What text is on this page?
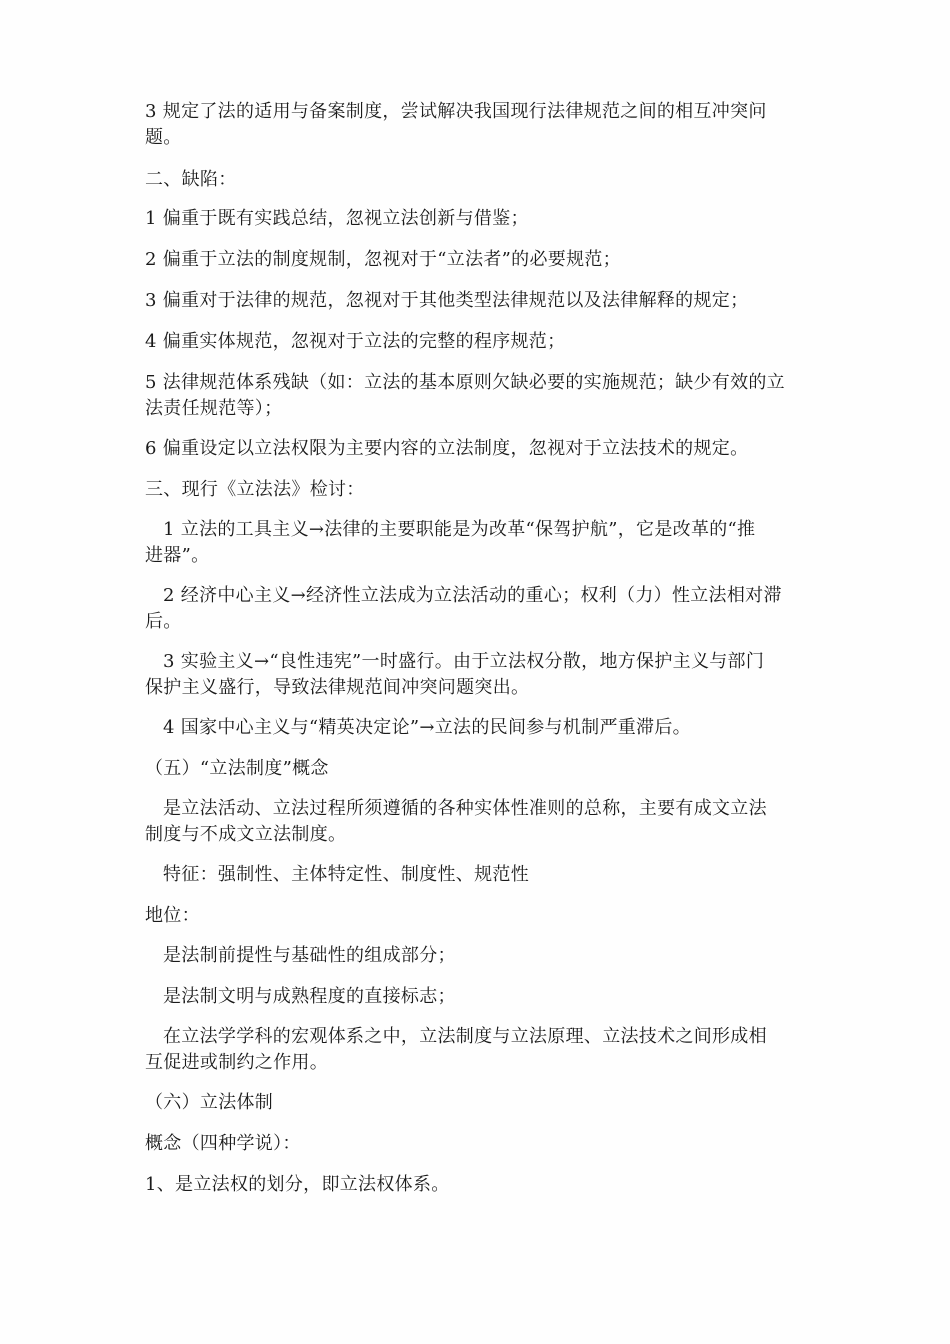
3 规定了法的适用与备案制度，尝试解决我国现行法律规范之间的相互冲突问
题。
二、缺陷：
1 偏重于既有实践总结，忽视立法创新与借鉴；
2 偏重于立法的制度规制，忽视对于“立法者”的必要规范；
3 偏重对于法律的规范，忽视对于其他类型法律规范以及法律解释的规定；
4 偏重实体规范，忽视对于立法的完整的程序规范；
5 法律规范体系残缺（如：立法的基本原则欠缺必要的实施规范；缺少有效的立
法责任规范等）；
6 偏重设定以立法权限为主要内容的立法制度，忽视对于立法技术的规定。
三、现行《立法法》检讨：
1 立法的工具主义→法律的主要职能是为改革“保驾护航”，它是改革的“推
进器”。
2 经济中心主义→经济性立法成为立法活动的重心；权利（力）性立法相对滞
后。
3 实验主义→“良性违宪”一时盛行。由于立法权分散，地方保护主义与部门
保护主义盛行，导致法律规范间冲突问题突出。
4 国家中心主义与“精英决定论”→立法的民间参与机制严重滞后。
（五）“立法制度”概念
是立法活动、立法过程所须遵循的各种实体性准则的总称，主要有成文立法
制度与不成文立法制度。
特征：强制性、主体特定性、制度性、规范性
地位：
是法制前提性与基础性的组成部分；
是法制文明与成熟程度的直接标志；
在立法学学科的宏观体系之中，立法制度与立法原理、立法技术之间形成相
互促进或制约之作用。
（六）立法体制
概念（四种学说）：
1、是立法权的划分，即立法权体系。
